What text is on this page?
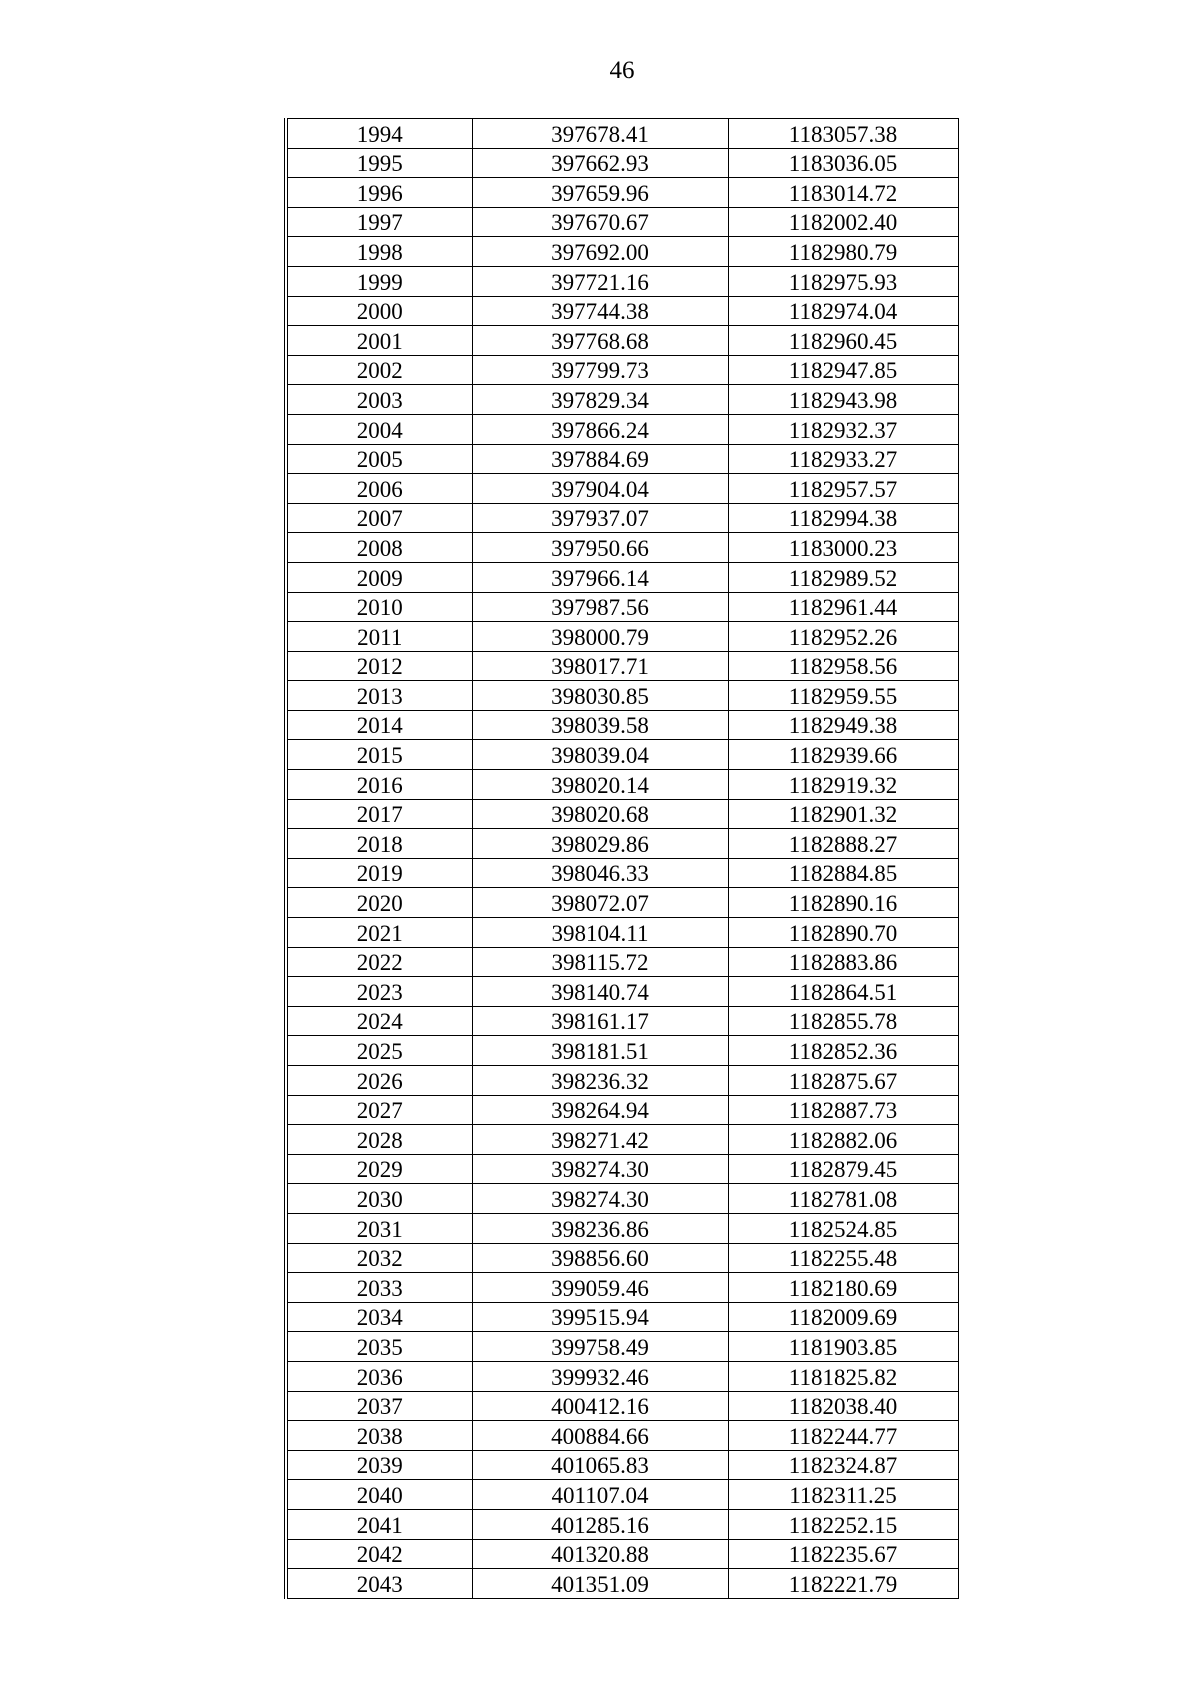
46
1994	397678.41	1183057.38
1995	397662.93	1183036.05
1996	397659.96	1183014.72
1997	397670.67	1182002.40
1998	397692.00	1182980.79
1999	397721.16	1182975.93
2000	397744.38	1182974.04
2001	397768.68	1182960.45
2002	397799.73	1182947.85
2003	397829.34	1182943.98
2004	397866.24	1182932.37
2005	397884.69	1182933.27
2006	397904.04	1182957.57
2007	397937.07	1182994.38
2008	397950.66	1183000.23
2009	397966.14	1182989.52
2010	397987.56	1182961.44
2011	398000.79	1182952.26
2012	398017.71	1182958.56
2013	398030.85	1182959.55
2014	398039.58	1182949.38
2015	398039.04	1182939.66
2016	398020.14	1182919.32
2017	398020.68	1182901.32
2018	398029.86	1182888.27
2019	398046.33	1182884.85
2020	398072.07	1182890.16
2021	398104.11	1182890.70
2022	398115.72	1182883.86
2023	398140.74	1182864.51
2024	398161.17	1182855.78
2025	398181.51	1182852.36
2026	398236.32	1182875.67
2027	398264.94	1182887.73
2028	398271.42	1182882.06
2029	398274.30	1182879.45
2030	398274.30	1182781.08
2031	398236.86	1182524.85
2032	398856.60	1182255.48
2033	399059.46	1182180.69
2034	399515.94	1182009.69
2035	399758.49	1181903.85
2036	399932.46	1181825.82
2037	400412.16	1182038.40
2038	400884.66	1182244.77
2039	401065.83	1182324.87
2040	401107.04	1182311.25
2041	401285.16	1182252.15
2042	401320.88	1182235.67
2043	401351.09	1182221.79
